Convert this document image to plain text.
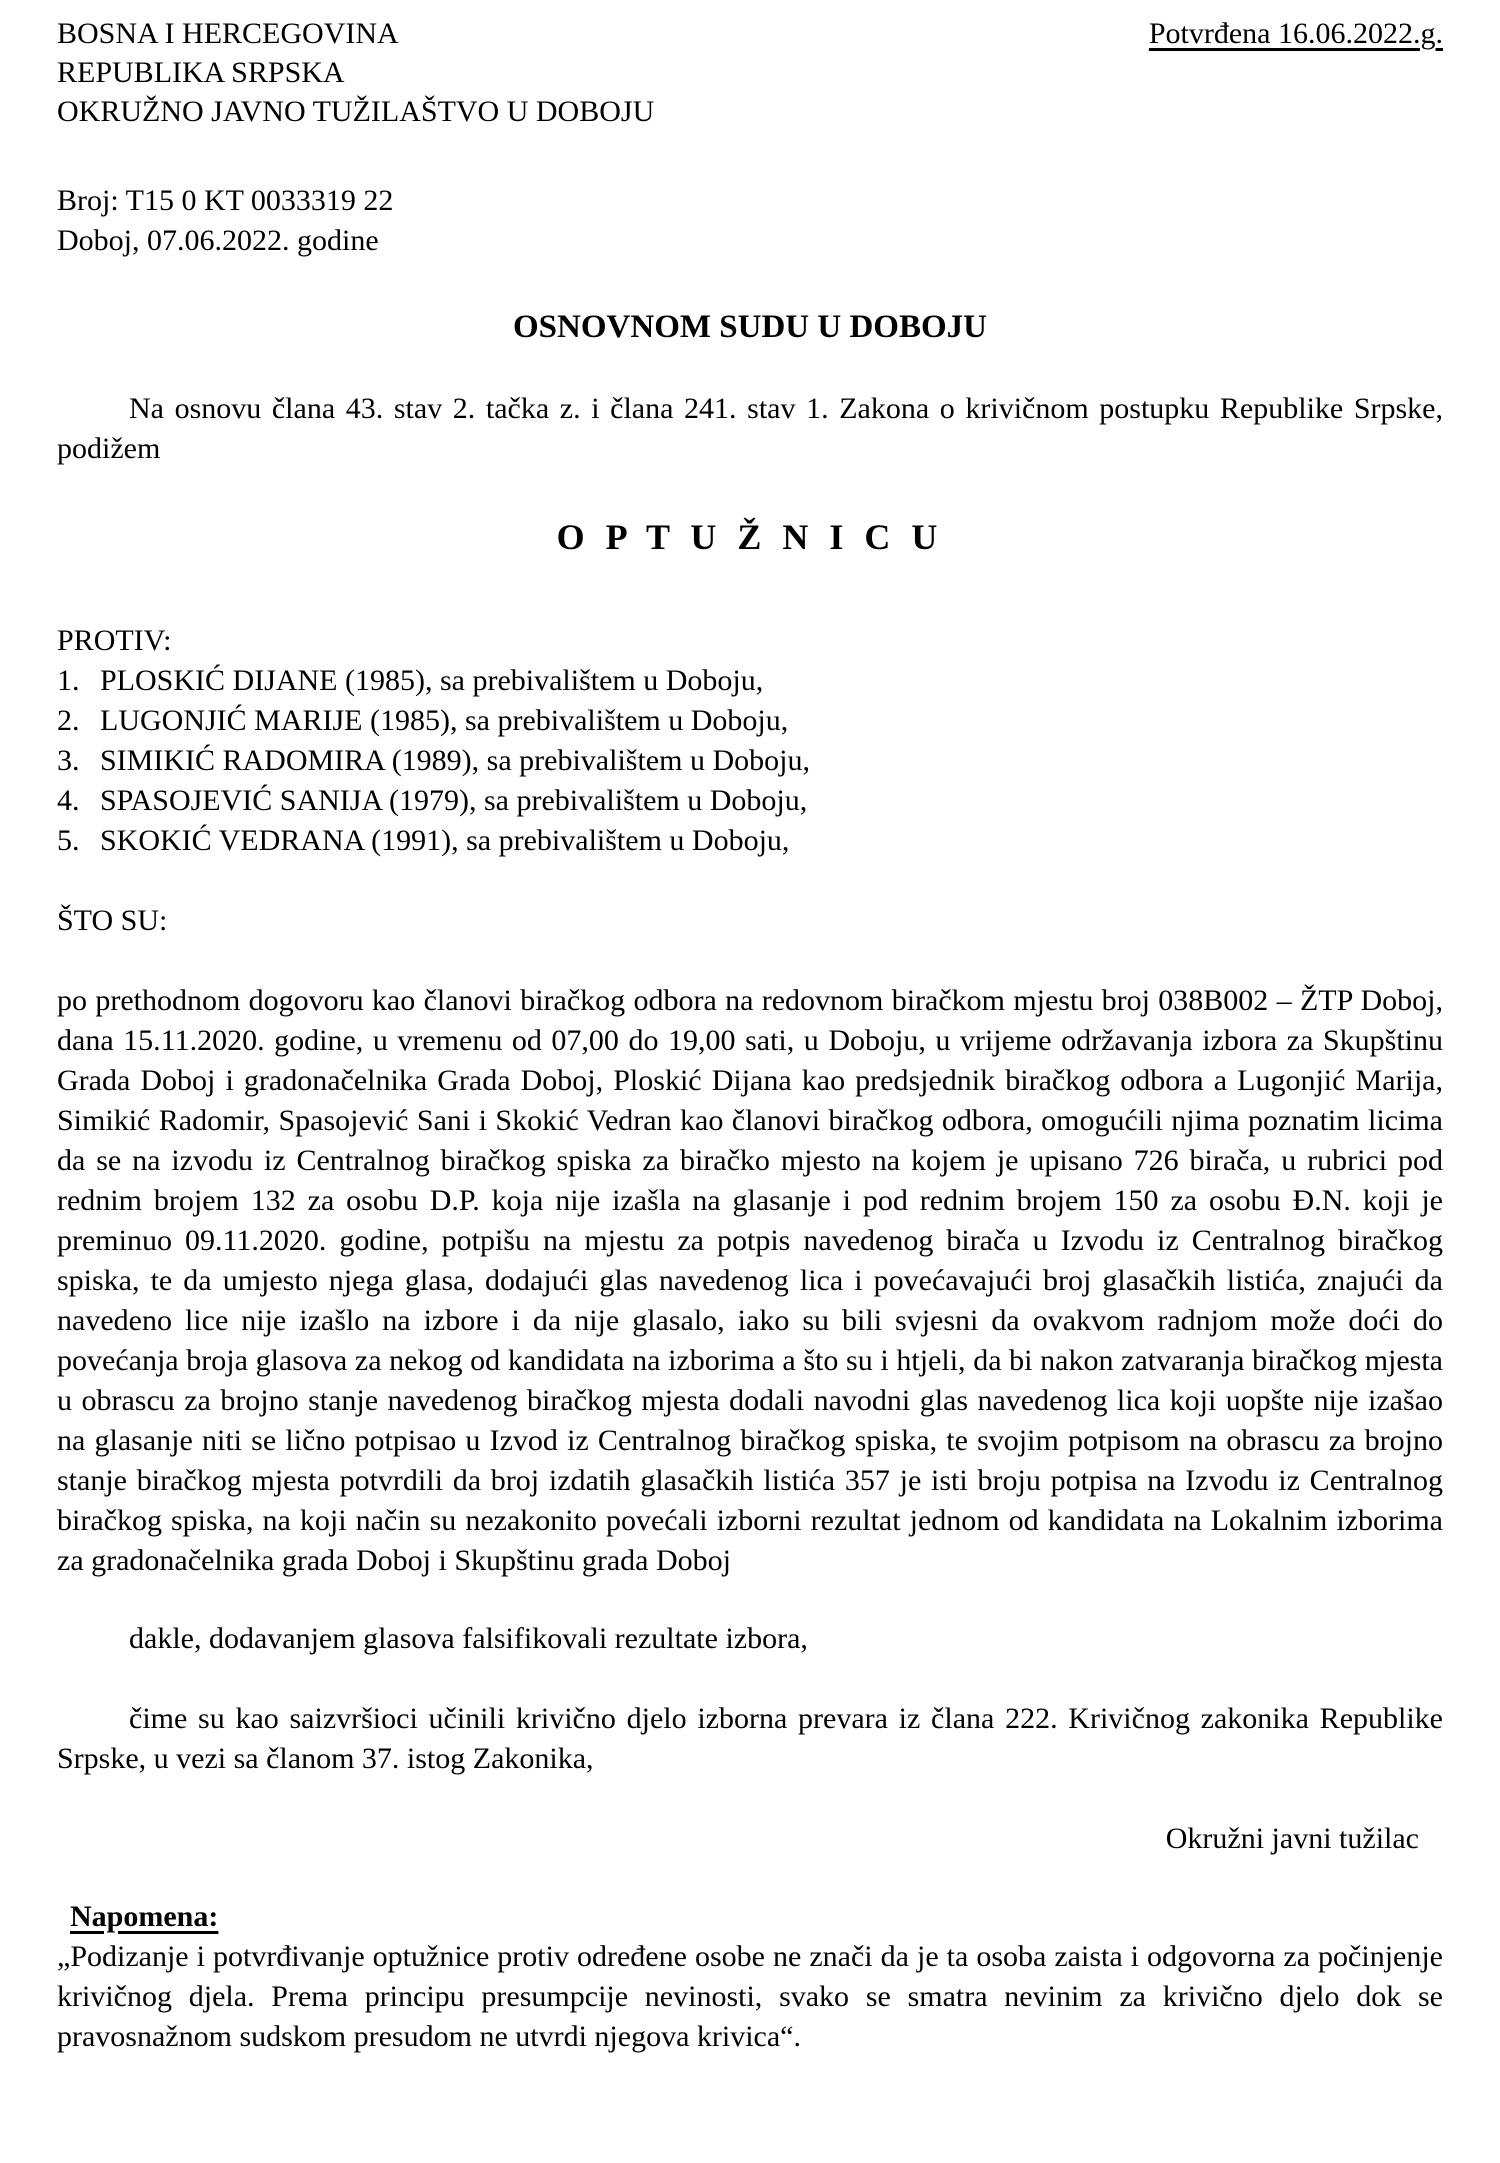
BOSNA I HERCEGOVINA
REPUBLIKA SRPSKA
OKRUŽNO JAVNO TUŽILAŠTVO U DOBOJU
Potvrđena 16.06.2022.g.
Broj: T15 0 KT 0033319 22
Doboj, 07.06.2022. godine
OSNOVNOM SUDU U DOBOJU

Na osnovu člana 43. stav 2. tačka z. i člana 241. stav 1. Zakona o krivičnom postupku Republike Srpske, podižem

O P T U Ž N I C U
PROTIV:
1. PLOSKIĆ DIJANE (1985), sa prebivalištem u Doboju,
2. LUGONJIĆ MARIJE (1985), sa prebivalištem u Doboju,
3. SIMIKIĆ RADOMIRA (1989), sa prebivalištem u Doboju,
4. SPASOJEVIĆ SANIJA (1979), sa prebivalištem u Doboju,
5. SKOKIĆ VEDRANA (1991), sa prebivalištem u Doboju,
ŠTO SU:

po prethodnom dogovoru kao članovi biračkog odbora na redovnom biračkom mjestu broj 038B002 – ŽTP Doboj, dana 15.11.2020. godine, u vremenu od 07,00 do 19,00 sati, u Doboju, u vrijeme održavanja izbora za Skupštinu Grada Doboj i gradonačelnika Grada Doboj, Ploskić Dijana kao predsjednik biračkog odbora a Lugonjić Marija, Simikić Radomir, Spasojević Sani i Skokić Vedran kao članovi biračkog odbora, omogućili njima poznatim licima da se na izvodu iz Centralnog biračkog spiska za biračko mjesto na kojem je upisano 726 birača, u rubrici pod rednim brojem 132 za osobu D.P. koja nije izašla na glasanje i pod rednim brojem 150 za osobu Đ.N. koji je preminuo 09.11.2020. godine, potpišu na mjestu za potpis navedenog birača u Izvodu iz Centralnog biračkog spiska, te da umjesto njega glasa, dodajući glas navedenog lica i povećavajući broj glasačkih listića, znajući da navedeno lice nije izašlo na izbore i da nije glasalo, iako su bili svjesni da ovakvom radnjom može doći do povećanja broja glasova za nekog od kandidata na izborima a što su i htjeli, da bi nakon zatvaranja biračkog mjesta u obrascu za brojno stanje navedenog biračkog mjesta dodali navodni glas navedenog lica koji uopšte nije izašao na glasanje niti se lično potpisao u Izvod iz Centralnog biračkog spiska, te svojim potpisom na obrascu za brojno stanje biračkog mjesta potvrdili da broj izdatih glasačkih listića 357 je isti broju potpisa na Izvodu iz Centralnog biračkog spiska, na koji način su nezakonito povećali izborni rezultat jednom od kandidata na Lokalnim izborima za gradonačelnika grada Doboj i Skupštinu grada Doboj

dakle, dodavanjem glasova falsifikovali rezultate izbora,

čime su kao saizvršioci učinili krivično djelo izborna prevara iz člana 222. Krivičnog zakonika Republike Srpske, u vezi sa članom 37. istog Zakonika,

Okružni javni tužilac
Napomena:

„Podizanje i potvrđivanje optužnice protiv određene osobe ne znači da je ta osoba zaista i odgovorna za počinjenje krivičnog djela. Prema principu presumpcije nevinosti, svako se smatra nevinim za krivično djelo dok se pravosnažnom sudskom presudom ne utvrdi njegova krivica“.
